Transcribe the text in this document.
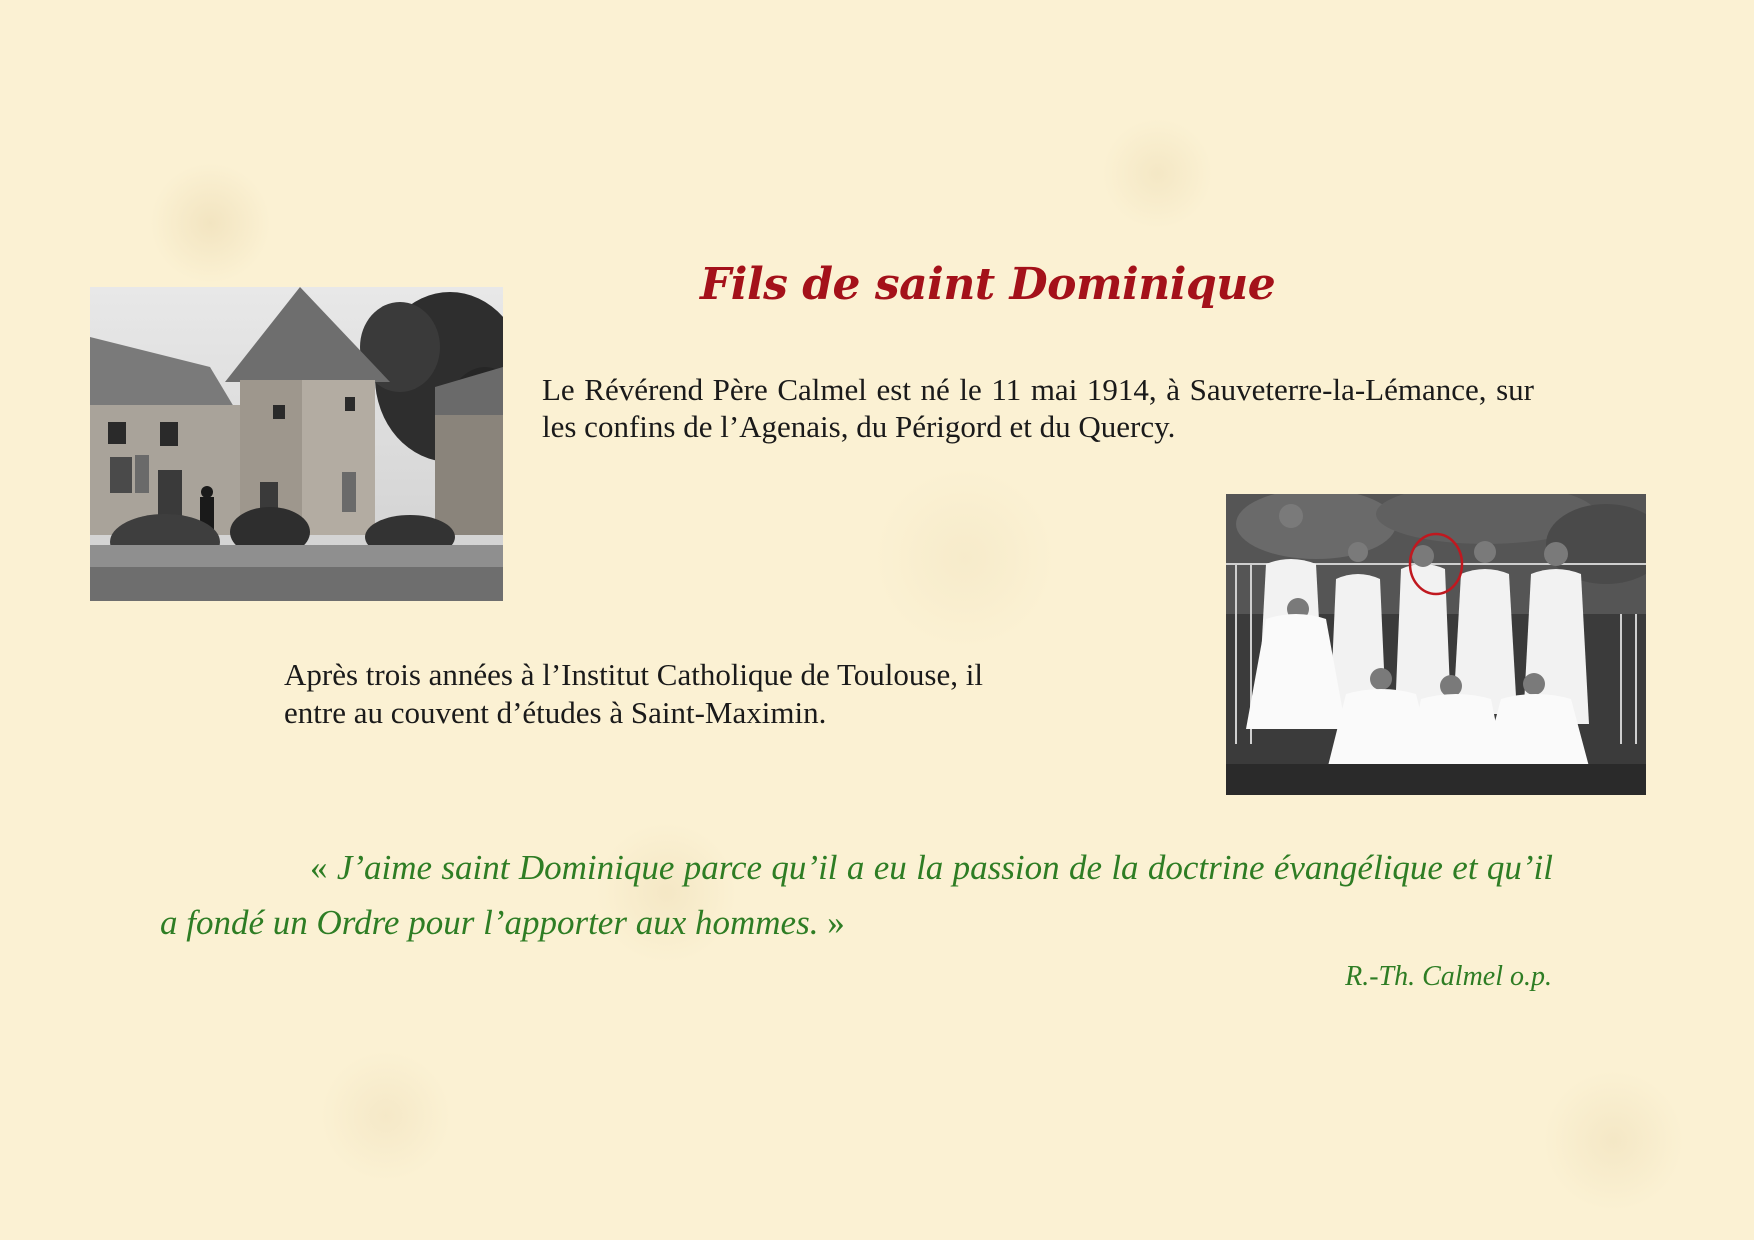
Fils de saint Dominique

Le Révérend Père Calmel est né le 11 mai 1914, à Sauveterre-la-Lémance, sur les confins de l’Agenais, du Périgord et du Quercy.

Après trois années à l’Institut Catholique de Toulouse, il
entre au couvent d’études à Saint-Maximin.

« J’aime saint Dominique parce qu’il a eu la passion de la doctrine évangélique et qu’il a fondé un Ordre pour l’apporter aux hommes. »

R.-Th. Calmel o.p.
